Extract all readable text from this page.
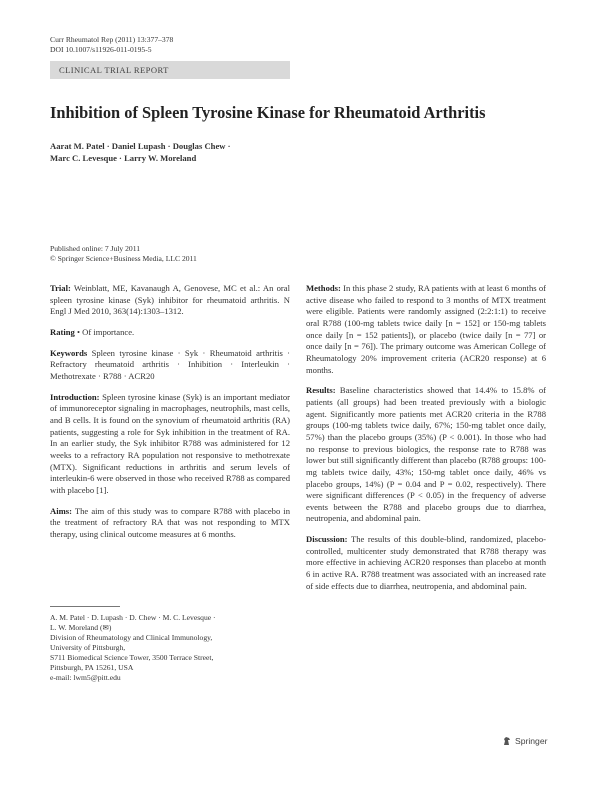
Curr Rheumatol Rep (2011) 13:377–378
DOI 10.1007/s11926-011-0195-5
CLINICAL TRIAL REPORT
Inhibition of Spleen Tyrosine Kinase for Rheumatoid Arthritis
Aarat M. Patel · Daniel Lupash · Douglas Chew ·
Marc C. Levesque · Larry W. Moreland
Published online: 7 July 2011
© Springer Science+Business Media, LLC 2011

Trial: Weinblatt, ME, Kavanaugh A, Genovese, MC et al.: An oral spleen tyrosine kinase (Syk) inhibitor for rheumatoid arthritis. N Engl J Med 2010, 363(14):1303–1312.

Rating • Of importance.

Keywords Spleen tyrosine kinase · Syk · Rheumatoid arthritis · Refractory rheumatoid arthritis · Inhibition · Interleukin · Methotrexate · R788 · ACR20

Introduction: Spleen tyrosine kinase (Syk) is an important mediator of immunoreceptor signaling in macrophages, neutrophils, mast cells, and B cells. It is found on the synovium of rheumatoid arthritis (RA) patients, suggesting a role for Syk inhibition in the treatment of RA. In an earlier study, the Syk inhibitor R788 was administered for 12 weeks to a refractory RA population not responsive to methotrexate (MTX). Significant reductions in arthritis and serum levels of interleukin-6 were observed in those who received R788 as compared with placebo [1].

Aims: The aim of this study was to compare R788 with placebo in the treatment of refractory RA that was not responding to MTX therapy, using clinical outcome measures at 6 months.

A. M. Patel · D. Lupash · D. Chew · M. C. Levesque ·
L. W. Moreland (✉)
Division of Rheumatology and Clinical Immunology,
University of Pittsburgh,
S711 Biomedical Science Tower, 3500 Terrace Street,
Pittsburgh, PA 15261, USA
e-mail: lwm5@pitt.edu

Methods: In this phase 2 study, RA patients with at least 6 months of active disease who failed to respond to 3 months of MTX treatment were eligible. Patients were randomly assigned (2:2:1:1) to receive oral R788 (100-mg tablets twice daily [n = 152] or 150-mg tablets once daily [n = 152 patients]), or placebo (twice daily [n = 77] or once daily [n = 76]). The primary outcome was American College of Rheumatology 20% improvement criteria (ACR20 response) at 6 months.

Results: Baseline characteristics showed that 14.4% to 15.8% of patients (all groups) had been treated previously with a biologic agent. Significantly more patients met ACR20 criteria in the R788 groups (100-mg tablets twice daily, 67%; 150-mg tablet once daily, 57%) than the placebo groups (35%) (P < 0.001). In those who had no response to previous biologics, the response rate to R788 was lower but still significantly different than placebo (R788 groups: 100-mg tablets twice daily, 43%; 150-mg tablet once daily, 46% vs placebo groups, 14%) (P = 0.04 and P = 0.02, respectively). There were significant differences (P < 0.05) in the frequency of adverse events between the R788 and placebo groups due to diarrhea, neutropenia, and abdominal pain.

Discussion: The results of this double-blind, randomized, placebo-controlled, multicenter study demonstrated that R788 therapy was more effective in achieving ACR20 responses than placebo at month 6 in active RA. R788 treatment was associated with an increased rate of side effects due to diarrhea, neutropenia, and abdominal pain.

Springer
